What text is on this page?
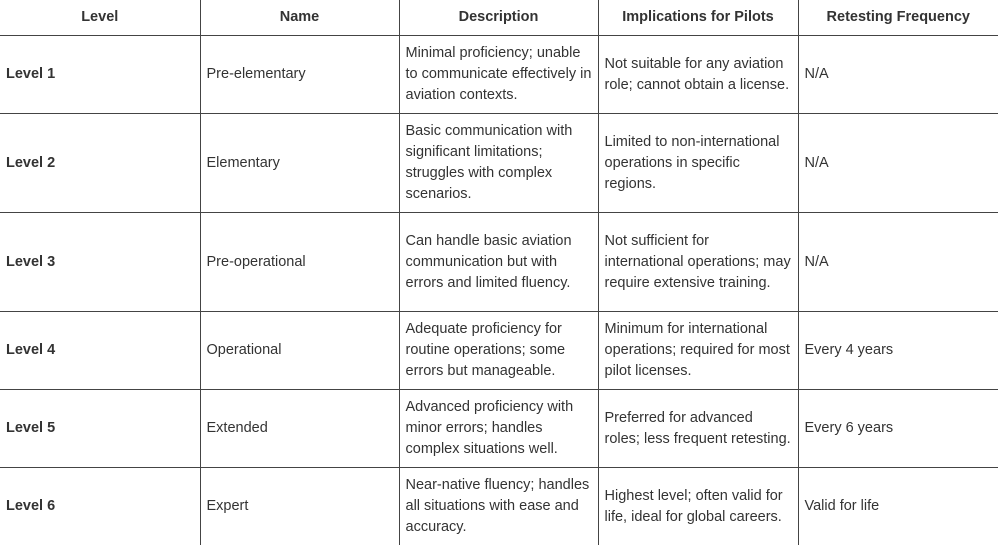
Level	Name	Description	Implications for Pilots	Retesting Frequency
Level 1	Pre-elementary	Minimal proficiency; unable to communicate effectively in aviation contexts.	Not suitable for any aviation role; cannot obtain a license.	N/A
Level 2	Elementary	Basic communication with significant limitations; struggles with complex scenarios.	Limited to non-international operations in specific regions.	N/A
Level 3	Pre-operational	Can handle basic aviation communication but with errors and limited fluency.	Not sufficient for international operations; may require extensive training.	N/A
Level 4	Operational	Adequate proficiency for routine operations; some errors but manageable.	Minimum for international operations; required for most pilot licenses.	Every 4 years
Level 5	Extended	Advanced proficiency with minor errors; handles complex situations well.	Preferred for advanced roles; less frequent retesting.	Every 6 years
Level 6	Expert	Near-native fluency; handles all situations with ease and accuracy.	Highest level; often valid for life, ideal for global careers.	Valid for life
